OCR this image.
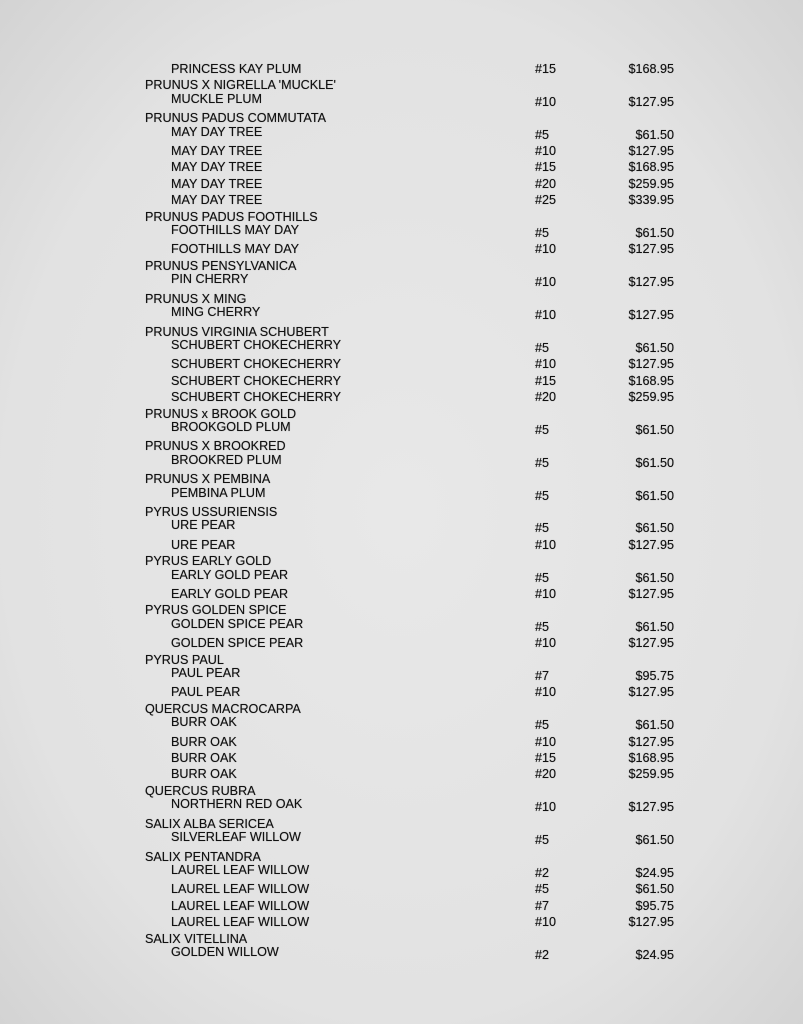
PRINCESS KAY PLUM	#15	$168.95
PRUNUS X NIGRELLA 'MUCKLE'
MUCKLE PLUM	#10	$127.95
PRUNUS PADUS COMMUTATA
MAY DAY TREE	#5	$61.50
MAY DAY TREE	#10	$127.95
MAY DAY TREE	#15	$168.95
MAY DAY TREE	#20	$259.95
MAY DAY TREE	#25	$339.95
PRUNUS PADUS FOOTHILLS
FOOTHILLS MAY DAY	#5	$61.50
FOOTHILLS MAY DAY	#10	$127.95
PRUNUS PENSYLVANICA
PIN CHERRY	#10	$127.95
PRUNUS X MING
MING CHERRY	#10	$127.95
PRUNUS VIRGINIA SCHUBERT
SCHUBERT CHOKECHERRY	#5	$61.50
SCHUBERT CHOKECHERRY	#10	$127.95
SCHUBERT CHOKECHERRY	#15	$168.95
SCHUBERT CHOKECHERRY	#20	$259.95
PRUNUS x BROOK GOLD
BROOKGOLD PLUM	#5	$61.50
PRUNUS X BROOKRED
BROOKRED PLUM	#5	$61.50
PRUNUS X PEMBINA
PEMBINA PLUM	#5	$61.50
PYRUS USSURIENSIS
URE PEAR	#5	$61.50
URE PEAR	#10	$127.95
PYRUS EARLY GOLD
EARLY GOLD PEAR	#5	$61.50
EARLY GOLD PEAR	#10	$127.95
PYRUS GOLDEN SPICE
GOLDEN SPICE PEAR	#5	$61.50
GOLDEN SPICE PEAR	#10	$127.95
PYRUS PAUL
PAUL PEAR	#7	$95.75
PAUL PEAR	#10	$127.95
QUERCUS MACROCARPA
BURR OAK	#5	$61.50
BURR OAK	#10	$127.95
BURR OAK	#15	$168.95
BURR OAK	#20	$259.95
QUERCUS RUBRA
NORTHERN RED OAK	#10	$127.95
SALIX ALBA SERICEA
SILVERLEAF WILLOW	#5	$61.50
SALIX PENTANDRA
LAUREL LEAF WILLOW	#2	$24.95
LAUREL LEAF WILLOW	#5	$61.50
LAUREL LEAF WILLOW	#7	$95.75
LAUREL LEAF WILLOW	#10	$127.95
SALIX VITELLINA
GOLDEN WILLOW	#2	$24.95
